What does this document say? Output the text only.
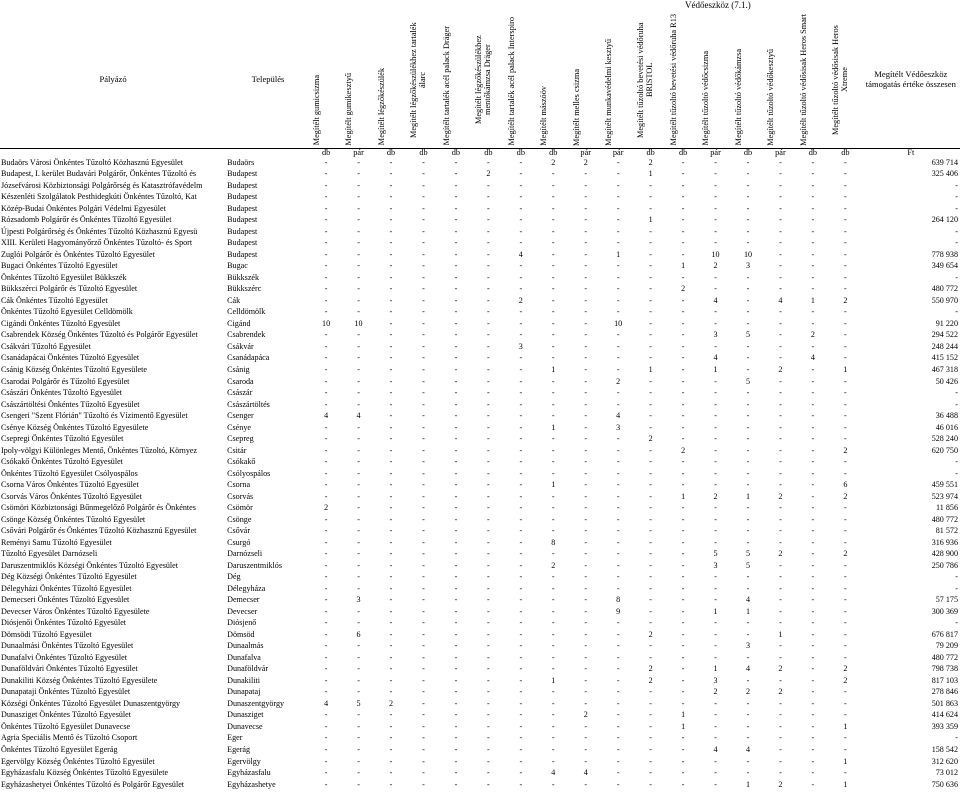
Védőeszköz (7.1.)
Pályázó	Település	Megítélt gumicsizma	Megítélt gumikesztyű	Megítélt légzőkészülék	Megítélt légzőkészülékhez tartalék álarc	Megítélt tartalék acél palack Dräger	Megítélt légzőkészülékhez mentőkámzsa Dräger	Megítélt tartalék acél palack Interspiro	Megítélt mászóöv	Megítélt melles csizma	Megítélt munkavédelmi kesztyű	Megítélt tűzoltó bevetési védőruha BRISTOL	Megítélt tűzoltó bevetési védőruha R13	Megítélt tűzoltó védőcsizma	Megítélt tűzoltó védőkámzsa	Megítélt tűzoltó védőkesztyű	Megítélt tűzoltó védősisak Heros Smart	Megítélt tűzoltó védősisak Heros Xtreme	Megítélt Védőeszköz támogatás értéke összesen
		db	pár	db	db	db	db	db	db	pár	pár	db	db	pár	db	pár	db	db	Ft
Budaörs Városi Önkéntes Tűzoltó Közhasznú Egyesület	Budaörs	-	-	-	-	-	-	-	2	2	-	2	-	-	-	-	-	-	639 714
Budapest, I. kerület Budavári Polgárőr, Önkéntes Tűzoltó és	Budapest	-	-	-	-	-	2	-	-	-	-	1	-	-	-	-	-	-	325 406
Józsefvárosi Közbiztonsági Polgárőrség és Katasztrófavédelm	Budapest	-	-	-	-	-	-	-	-	-	-	-	-	-	-	-	-	-	-
Készenléti Szolgálatok Pesthidegkúti Önkéntes Tűzoltó, Kat	Budapest	-	-	-	-	-	-	-	-	-	-	-	-	-	-	-	-	-	-
Közép-Budai Önkéntes Polgári Védelmi Egyesület	Budapest	-	-	-	-	-	-	-	-	-	-	-	-	-	-	-	-	-	-
Rózsadomb Polgárőr és Önkéntes Tűzoltó Egyesület	Budapest	-	-	-	-	-	-	-	-	-	-	1	-	-	-	-	-	-	264 120
Újpesti Polgárőrség és Önkéntes Tűzoltó Közhasznú Egyesü	Budapest	-	-	-	-	-	-	-	-	-	-	-	-	-	-	-	-	-	-
XIII. Kerületi Hagyományőrző Önkéntes Tűzoltó- és Sport	Budapest	-	-	-	-	-	-	-	-	-	-	-	-	-	-	-	-	-	-
Zuglói Polgárőr és Önkéntes Tűzoltó Egyesület	Budapest	-	-	-	-	-	-	4	-	-	1	-	-	10	10	-	-	-	778 938
Bugaci Önkéntes Tűzoltó Egyesület	Bugac	-	-	-	-	-	-	-	-	-	-	-	1	2	3	-	-	-	349 654
Önkéntes Tűzoltó Egyesület Bükkszék	Bükkszék	-	-	-	-	-	-	-	-	-	-	-	-	-	-	-	-	-	-
Bükkszérci Polgárőr és Tűzoltó Egyesület	Bükkszérc	-	-	-	-	-	-	-	-	-	-	-	2	-	-	-	-	-	480 772
Cák Önkéntes Tűzoltó Egyesület	Cák	-	-	-	-	-	-	2	-	-	-	-	-	4	-	4	1	2	550 970
Önkéntes Tűzoltó Egyesület Celldömölk	Celldömölk	-	-	-	-	-	-	-	-	-	-	-	-	-	-	-	-	-	-
Cigándi Önkéntes Tűzoltó Egyesület	Cigánd	10	10	-	-	-	-	-	-	-	10	-	-	-	-	-	-	-	91 220
Csabrendek Község Önkéntes Tűzoltó és Polgárőr Egyesület	Csabrendek	-	-	-	-	-	-	-	-	-	-	-	-	3	5	-	2	-	294 522
Csákvári Tűzoltó Egyesület	Csákvár	-	-	-	-	-	-	3	-	-	-	-	-	-	-	-	-	-	248 244
Csanádapácai Önkéntes Tűzoltó Egyesület	Csanádapáca	-	-	-	-	-	-	-	-	-	-	-	-	4	-	-	4	-	415 152
Csánig Község Önkéntes Tűzoltó Egyesülete	Csánig	-	-	-	-	-	-	-	1	-	-	1	-	1	-	2	-	1	467 318
Csarodai Polgárőr és Tűzoltó Egyesület	Csaroda	-	-	-	-	-	-	-	-	-	2	-	-	-	5	-	-	-	50 426
Császári Önkéntes Tűzoltó Egyesület	Császár	-	-	-	-	-	-	-	-	-	-	-	-	-	-	-	-	-	-
Császártöltési Önkéntes Tűzoltó Egyesület	Császártöltés	-	-	-	-	-	-	-	-	-	-	-	-	-	-	-	-	-	-
Csengeri "Szent Flórián" Tűzoltó és Vízimentő Egyesület	Csenger	4	4	-	-	-	-	-	-	-	4	-	-	-	-	-	-	-	36 488
Csénye Község Önkéntes Tűzoltó Egyesülete	Csénye	-	-	-	-	-	-	-	1	-	3	-	-	-	-	-	-	-	46 016
Csepregi Önkéntes Tűzoltó Egyesület	Csepreg	-	-	-	-	-	-	-	-	-	-	2	-	-	-	-	-	-	528 240
Ipoly-völgyi Különleges Mentő, Önkéntes Tűzoltó, Környez	Csitár	-	-	-	-	-	-	-	-	-	-	-	2	-	-	-	-	2	620 750
Csókakő Önkéntes Tűzoltó Egyesület	Csókakő	-	-	-	-	-	-	-	-	-	-	-	-	-	-	-	-	-	-
Önkéntes Tűzoltó Egyesület Csólyospálos	Csólyospálos	-	-	-	-	-	-	-	-	-	-	-	-	-	-	-	-	-	-
Csorna Város Önkéntes Tűzoltó Egyesület	Csorna	-	-	-	-	-	-	-	1	-	-	-	-	-	-	-	-	6	459 551
Csorvás Város Önkéntes Tűzoltó Egyesület	Csorvás	-	-	-	-	-	-	-	-	-	-	-	1	2	1	2	-	2	523 974
Csömöri Közbiztonsági Bűnmegelőző Polgárőr és Önkéntes	Csömör	2	-	-	-	-	-	-	-	-	-	-	-	-	-	-	-	-	11 856
Csönge Község Önkéntes Tűzoltó Egyesület	Csönge	-	-	-	-	-	-	-	-	-	-	-	-	-	-	-	-	-	480 772
Csővári Polgárőr és Önkéntes Tűzoltó Közhasznú Egyesület	Csővár	-	-	-	-	-	-	-	-	-	-	-	-	-	-	-	-	-	81 572
Reményi Samu Tűzoltó Egyesület	Csurgó	-	-	-	-	-	-	-	8	-	-	-	-	-	-	-	-	-	316 936
Tűzoltó Egyesület Darnózseli	Darnózseli	-	-	-	-	-	-	-	-	-	-	-	-	5	5	2	-	2	428 900
Daruszentmiklós Községi Önkéntes Tűzoltó Egyesület	Daruszentmiklós	-	-	-	-	-	-	-	2	-	-	-	-	3	5	-	-	-	250 786
Dég Községi Önkéntes Tűzoltó Egyesület	Dég	-	-	-	-	-	-	-	-	-	-	-	-	-	-	-	-	-	-
Délegyházi Önkéntes Tűzoltó Egyesület	Délegyháza	-	-	-	-	-	-	-	-	-	-	-	-	-	-	-	-	-	-
Demecseri Önkéntes Tűzoltó Egyesület	Demecser	-	3	-	-	-	-	-	-	-	8	-	-	-	4	-	-	-	57 175
Devecser Város Önkéntes Tűzoltó Egyesülete	Devecser	-	-	-	-	-	-	-	-	-	9	-	-	1	1	-	-	-	300 369
Diósjenői Önkéntes Tűzoltó Egyesület	Diósjenő	-	-	-	-	-	-	-	-	-	-	-	-	-	-	-	-	-	-
Dömsödi Tűzoltó Egyesület	Dömsöd	-	6	-	-	-	-	-	-	-	-	2	-	-	-	1	-	-	676 817
Dunaalmási Önkéntes Tűzoltó Egyesület	Dunaalmás	-	-	-	-	-	-	-	-	-	-	-	-	-	3	-	-	-	79 209
Dunafalvi Önkéntes Tűzoltó Egyesület	Dunafalva	-	-	-	-	-	-	-	-	-	-	-	-	-	-	-	-	-	480 772
Dunaföldvári Önkéntes Tűzoltó Egyesület	Dunaföldvár	-	-	-	-	-	-	-	-	-	-	2	-	1	4	2	-	2	798 738
Dunakiliti Község Önkéntes Tűzoltó Egyesülete	Dunakiliti	-	-	-	-	-	-	-	1	-	-	2	-	3	-	-	-	2	817 103
Dunapataji Önkéntes Tűzoltó Egyesület	Dunapataj	-	-	-	-	-	-	-	-	-	-	-	-	2	2	2	-	-	278 846
Községi Önkéntes Tűzoltó Egyesület Dunaszentgyörgy	Dunaszentgyörgy	4	5	2	-	-	-	-	-	-	-	-	-	-	-	-	-	-	501 863
Dunasziget Önkéntes Tűzoltó Egyesület	Dunasziget	-	-	-	-	-	-	-	-	2	-	-	1	-	-	-	-	-	414 624
Önkéntes Tűzoltó Egyesület Dunavecse	Dunavecse	-	-	-	-	-	-	-	-	-	-	-	1	-	-	-	-	1	393 359
Agria Speciális Mentő és Tűzoltó Csoport	Eger	-	-	-	-	-	-	-	-	-	-	-	-	-	-	-	-	-	-
Önkéntes Tűzoltó Egyesület Egerág	Egerág	-	-	-	-	-	-	-	-	-	-	-	-	4	4	-	-	-	158 542
Egervölgy Község Önkéntes Tűzoltó Egyesület	Egervölgy	-	-	-	-	-	-	-	-	-	-	-	-	-	-	-	-	1	312 620
Egyházasfalu Község Önkéntes Tűzoltó Egyesülete	Egyházasfalu	-	-	-	-	-	-	-	4	4	-	-	-	-	-	-	-	-	73 012
Egyházashetyei Önkéntes Tűzoltó és Polgárőr Egyesület	Egyházashetye	-	-	-	-	-	-	-	-	-	-	-	-	-	1	2	-	1	750 636
